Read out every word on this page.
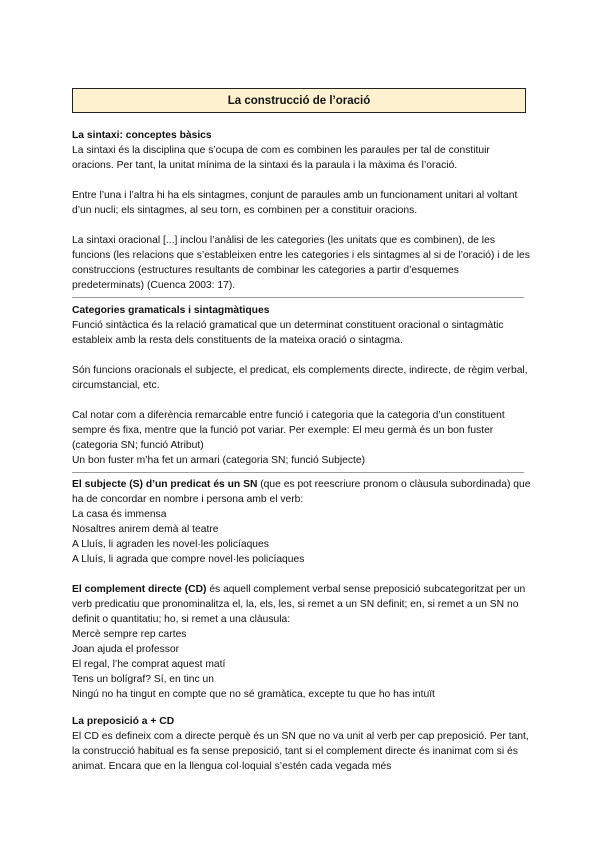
La construcció de l’oració

La sintaxi: conceptes bàsics

La sintaxi és la disciplina que s’ocupa de com es combinen les paraules per tal de constituir oracions. Per tant, la unitat mínima de la sintaxi és la paraula i la màxima és l’oració.

Entre l’una i l’altra hi ha els sintagmes, conjunt de paraules amb un funcionament unitari al voltant d’un nucli; els sintagmes, al seu torn, es combinen per a constituir oracions.

La sintaxi oracional [...] inclou l’anàlisi de les categories (les unitats que es combinen), de les funcions (les relacions que s’estableixen entre les categories i els sintagmes al si de l’oració) i de les construccions (estructures resultants de combinar les categories a partir d’esquemes predeterminats) (Cuenca 2003: 17).

Categories gramaticals i sintagmàtiques

Funció sintàctica és la relació gramatical que un determinat constituent oracional o sintagmàtic estableix amb la resta dels constituents de la mateixa oració o sintagma.

Són funcions oracionals el subjecte, el predicat, els complements directe, indirecte, de règim verbal, circumstancial, etc.

Cal notar com a diferència remarcable entre funció i categoria que la categoria d’un constituent sempre és fixa, mentre que la funció pot variar. Per exemple: El meu germà és un bon fuster (categoria SN; funció Atribut)

Un bon fuster m’ha fet un armari (categoria SN; funció Subjecte)

El subjecte (S) d’un predicat és un SN (que es pot reescriure pronom o clàusula subordinada) que ha de concordar en nombre i persona amb el verb:

La casa és immensa

Nosaltres anirem demà al teatre

A Lluís, li agraden les novel·les policíaques

A Lluís, li agrada que compre novel·les policíaques

El complement directe (CD) és aquell complement verbal sense preposició subcategoritzat per un verb predicatiu que pronominalitza el, la, els, les, si remet a un SN definit; en, si remet a un SN no definit o quantitatiu; ho, si remet a una clàusula:

Mercè sempre rep cartes

Joan ajuda el professor

El regal, l’he comprat aquest matí

Tens un bolígraf? Sí, en tinc un

Ningú no ha tingut en compte que no sé gramàtica, excepte tu que ho has intuït

La preposició a + CD

El CD es defineix com a directe perquè és un SN que no va unit al verb per cap preposició. Per tant, la construcció habitual es fa sense preposició, tant si el complement directe és inanimat com si és animat. Encara que en la llengua col·loquial s’estén cada vegada més
